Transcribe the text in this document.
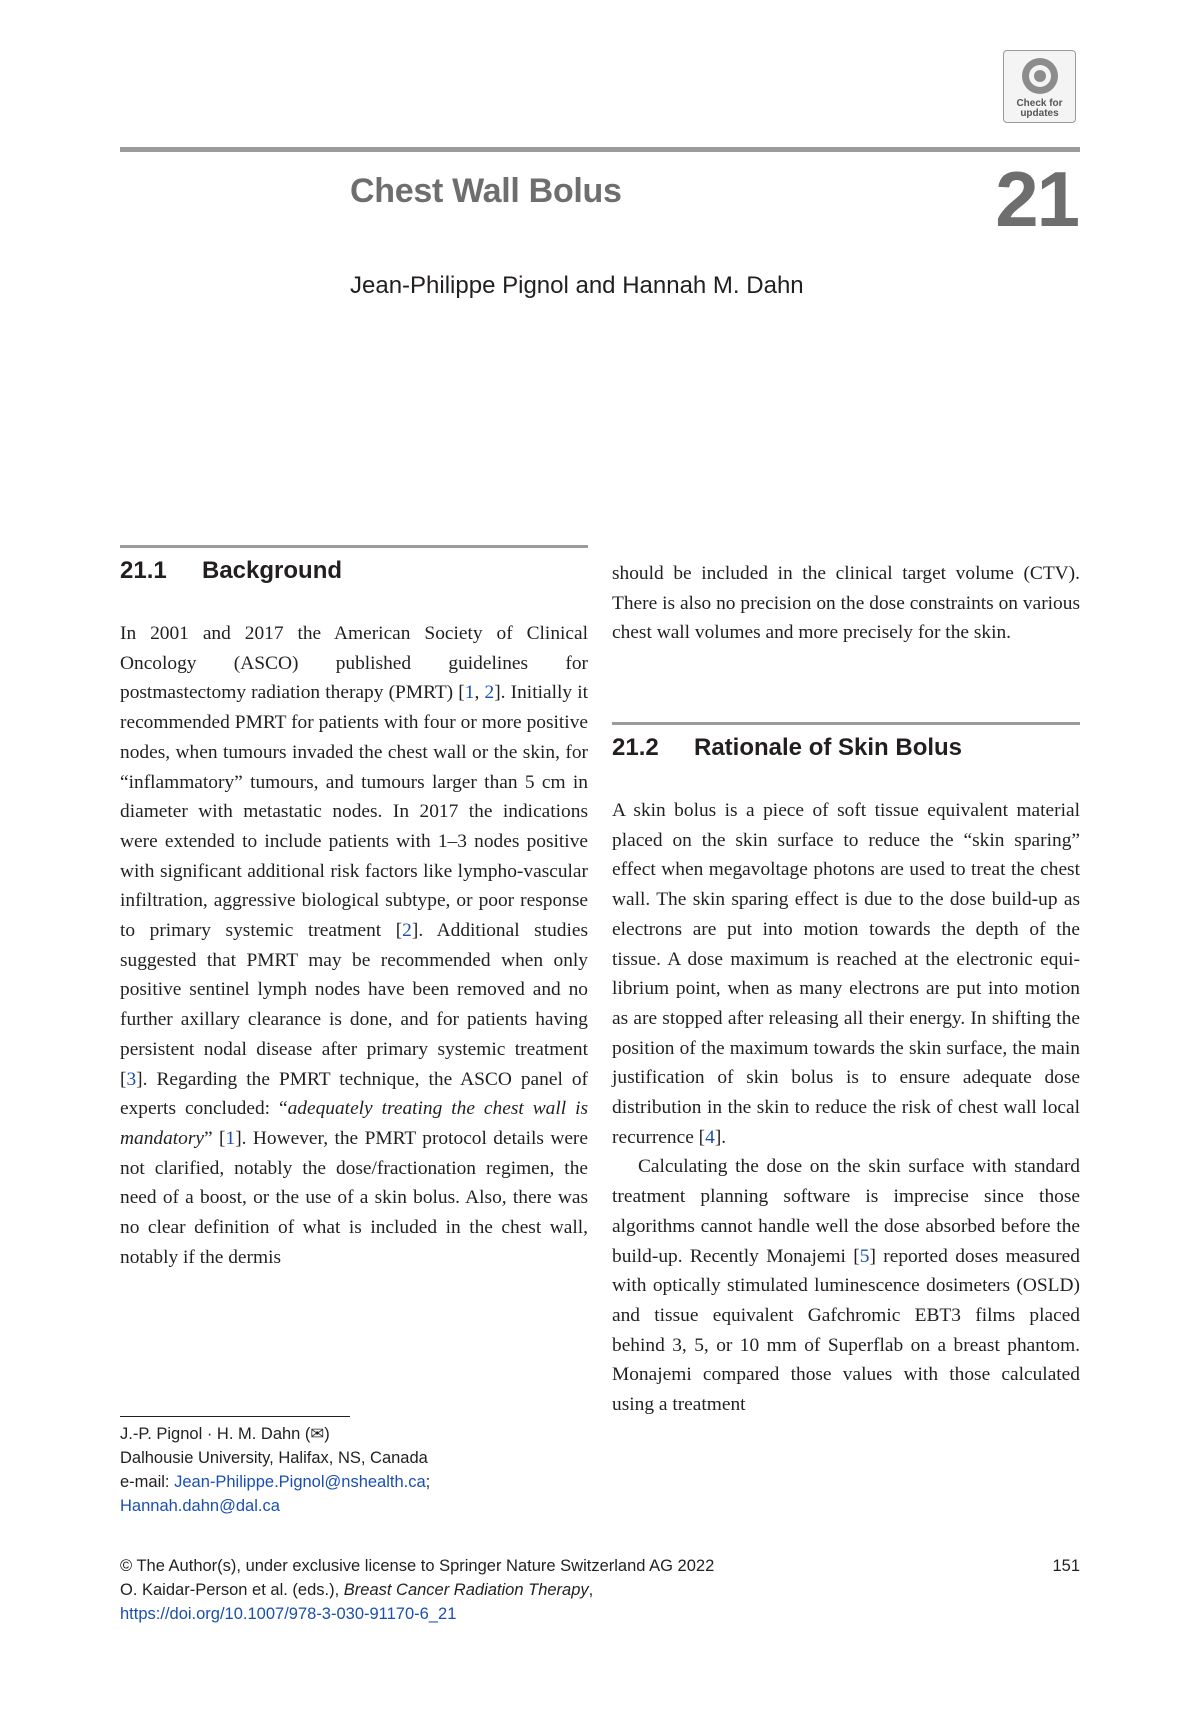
Check for updates
Chest Wall Bolus	21
Jean-Philippe Pignol and Hannah M. Dahn
21.1 Background

In 2001 and 2017 the American Society of Clinical Oncology (ASCO) published guidelines for postmastectomy radiation therapy (PMRT) [1, 2]. Initially it recommended PMRT for patients with four or more positive nodes, when tumours invaded the chest wall or the skin, for “inflammatory” tumours, and tumours larger than 5 cm in diameter with metastatic nodes. In 2017 the indications were extended to include patients with 1–3 nodes positive with significant additional risk factors like lympho-vascular infiltration, aggressive biological subtype, or poor response to primary systemic treatment [2]. Additional studies suggested that PMRT may be recommended when only positive sentinel lymph nodes have been removed and no further axillary clearance is done, and for patients having persistent nodal disease after primary systemic treatment [3]. Regarding the PMRT technique, the ASCO panel of experts concluded: “adequately treating the chest wall is mandatory” [1]. However, the PMRT protocol details were not clarified, notably the dose/fractionation regimen, the need of a boost, or the use of a skin bolus. Also, there was no clear definition of what is included in the chest wall, notably if the dermis

should be included in the clinical target volume (CTV). There is also no precision on the dose constraints on various chest wall volumes and more precisely for the skin.

21.2 Rationale of Skin Bolus

A skin bolus is a piece of soft tissue equivalent material placed on the skin surface to reduce the “skin sparing” effect when megavoltage photons are used to treat the chest wall. The skin sparing effect is due to the dose build-up as electrons are put into motion towards the depth of the tissue. A dose maximum is reached at the electronic equilibrium point, when as many electrons are put into motion as are stopped after releasing all their energy. In shifting the position of the maximum towards the skin surface, the main justification of skin bolus is to ensure adequate dose distribution in the skin to reduce the risk of chest wall local recurrence [4].

Calculating the dose on the skin surface with standard treatment planning software is imprecise since those algorithms cannot handle well the dose absorbed before the build-up. Recently Monajemi [5] reported doses measured with optically stimulated luminescence dosimeters (OSLD) and tissue equivalent Gafchromic EBT3 films placed behind 3, 5, or 10 mm of Superflab on a breast phantom. Monajemi compared those values with those calculated using a treatment

J.-P. Pignol · H. M. Dahn (✉)
Dalhousie University, Halifax, NS, Canada
e-mail: Jean-Philippe.Pignol@nshealth.ca;
Hannah.dahn@dal.ca
© The Author(s), under exclusive license to Springer Nature Switzerland AG 2022
O. Kaidar-Person et al. (eds.), Breast Cancer Radiation Therapy,
https://doi.org/10.1007/978-3-030-91170-6_21
151
